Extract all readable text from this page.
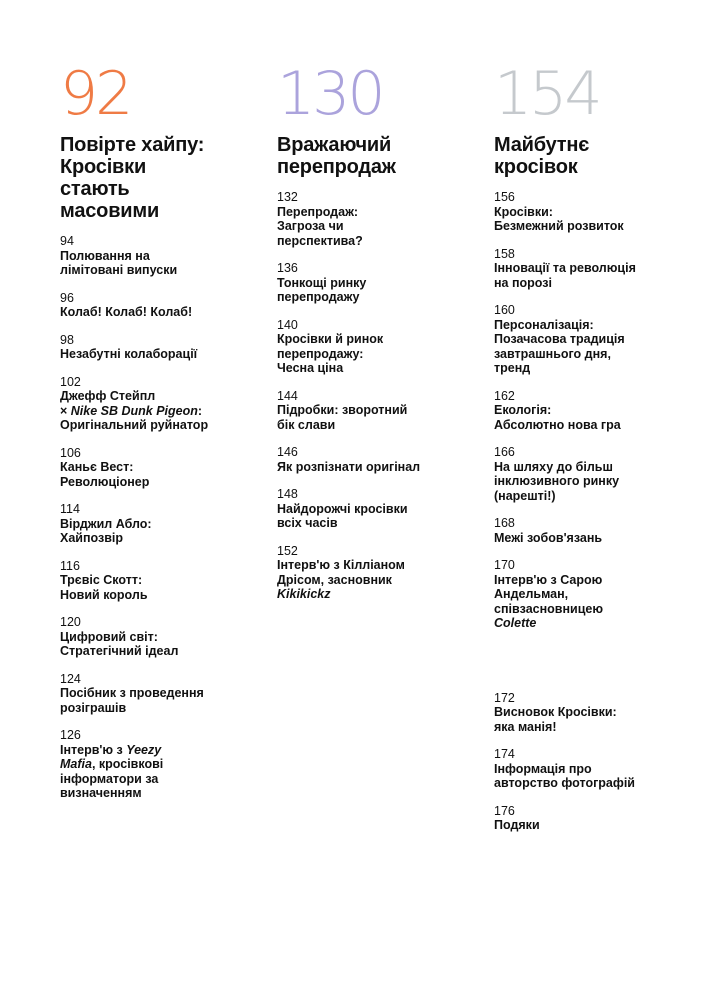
92
Повірте хайпу:
Кросівки
стають
масовими
94
Полювання на
лімітовані випуски
96
Колаб! Колаб! Колаб!
98
Незабутні колаборації
102
Джефф Стейпл
× Nike SB Dunk Pigeon:
Оригінальний руйнатор
106
Каньє Вест:
Революціонер
114
Вірджил Абло:
Хайпозвір
116
Трєвіс Скотт:
Новий король
120
Цифровий світ:
Стратегічний ідеал
124
Посібник з проведення
розіграшів
126
Інтерв'ю з Yeezy
Mafia, кросівкові
інформатори за
визначенням
130
Вражаючий
перепродаж
132
Перепродаж:
Загроза чи
перспектива?
136
Тонкощі ринку
перепродажу
140
Кросівки й ринок
перепродажу:
Чесна ціна
144
Підробки: зворотний
бік слави
146
Як розпізнати оригінал
148
Найдорожчі кросівки
всіх часів
152
Інтерв'ю з Кілліаном
Дрісом, засновник
Kikikickz
154
Майбутнє
кросівок
156
Кросівки:
Безмежний розвиток
158
Інновації та революція
на порозі
160
Персоналізація:
Позачасова традиція
завтрашнього дня,
тренд
162
Екологія:
Абсолютно нова гра
166
На шляху до більш
інклюзивного ринку
(нарешті!)
168
Межі зобов'язань
170
Інтерв'ю з Сарою
Андельман,
співзасновницею
Colette
172
Висновок Кросівки:
яка манія!
174
Інформація про
авторство фотографій
176
Подяки
